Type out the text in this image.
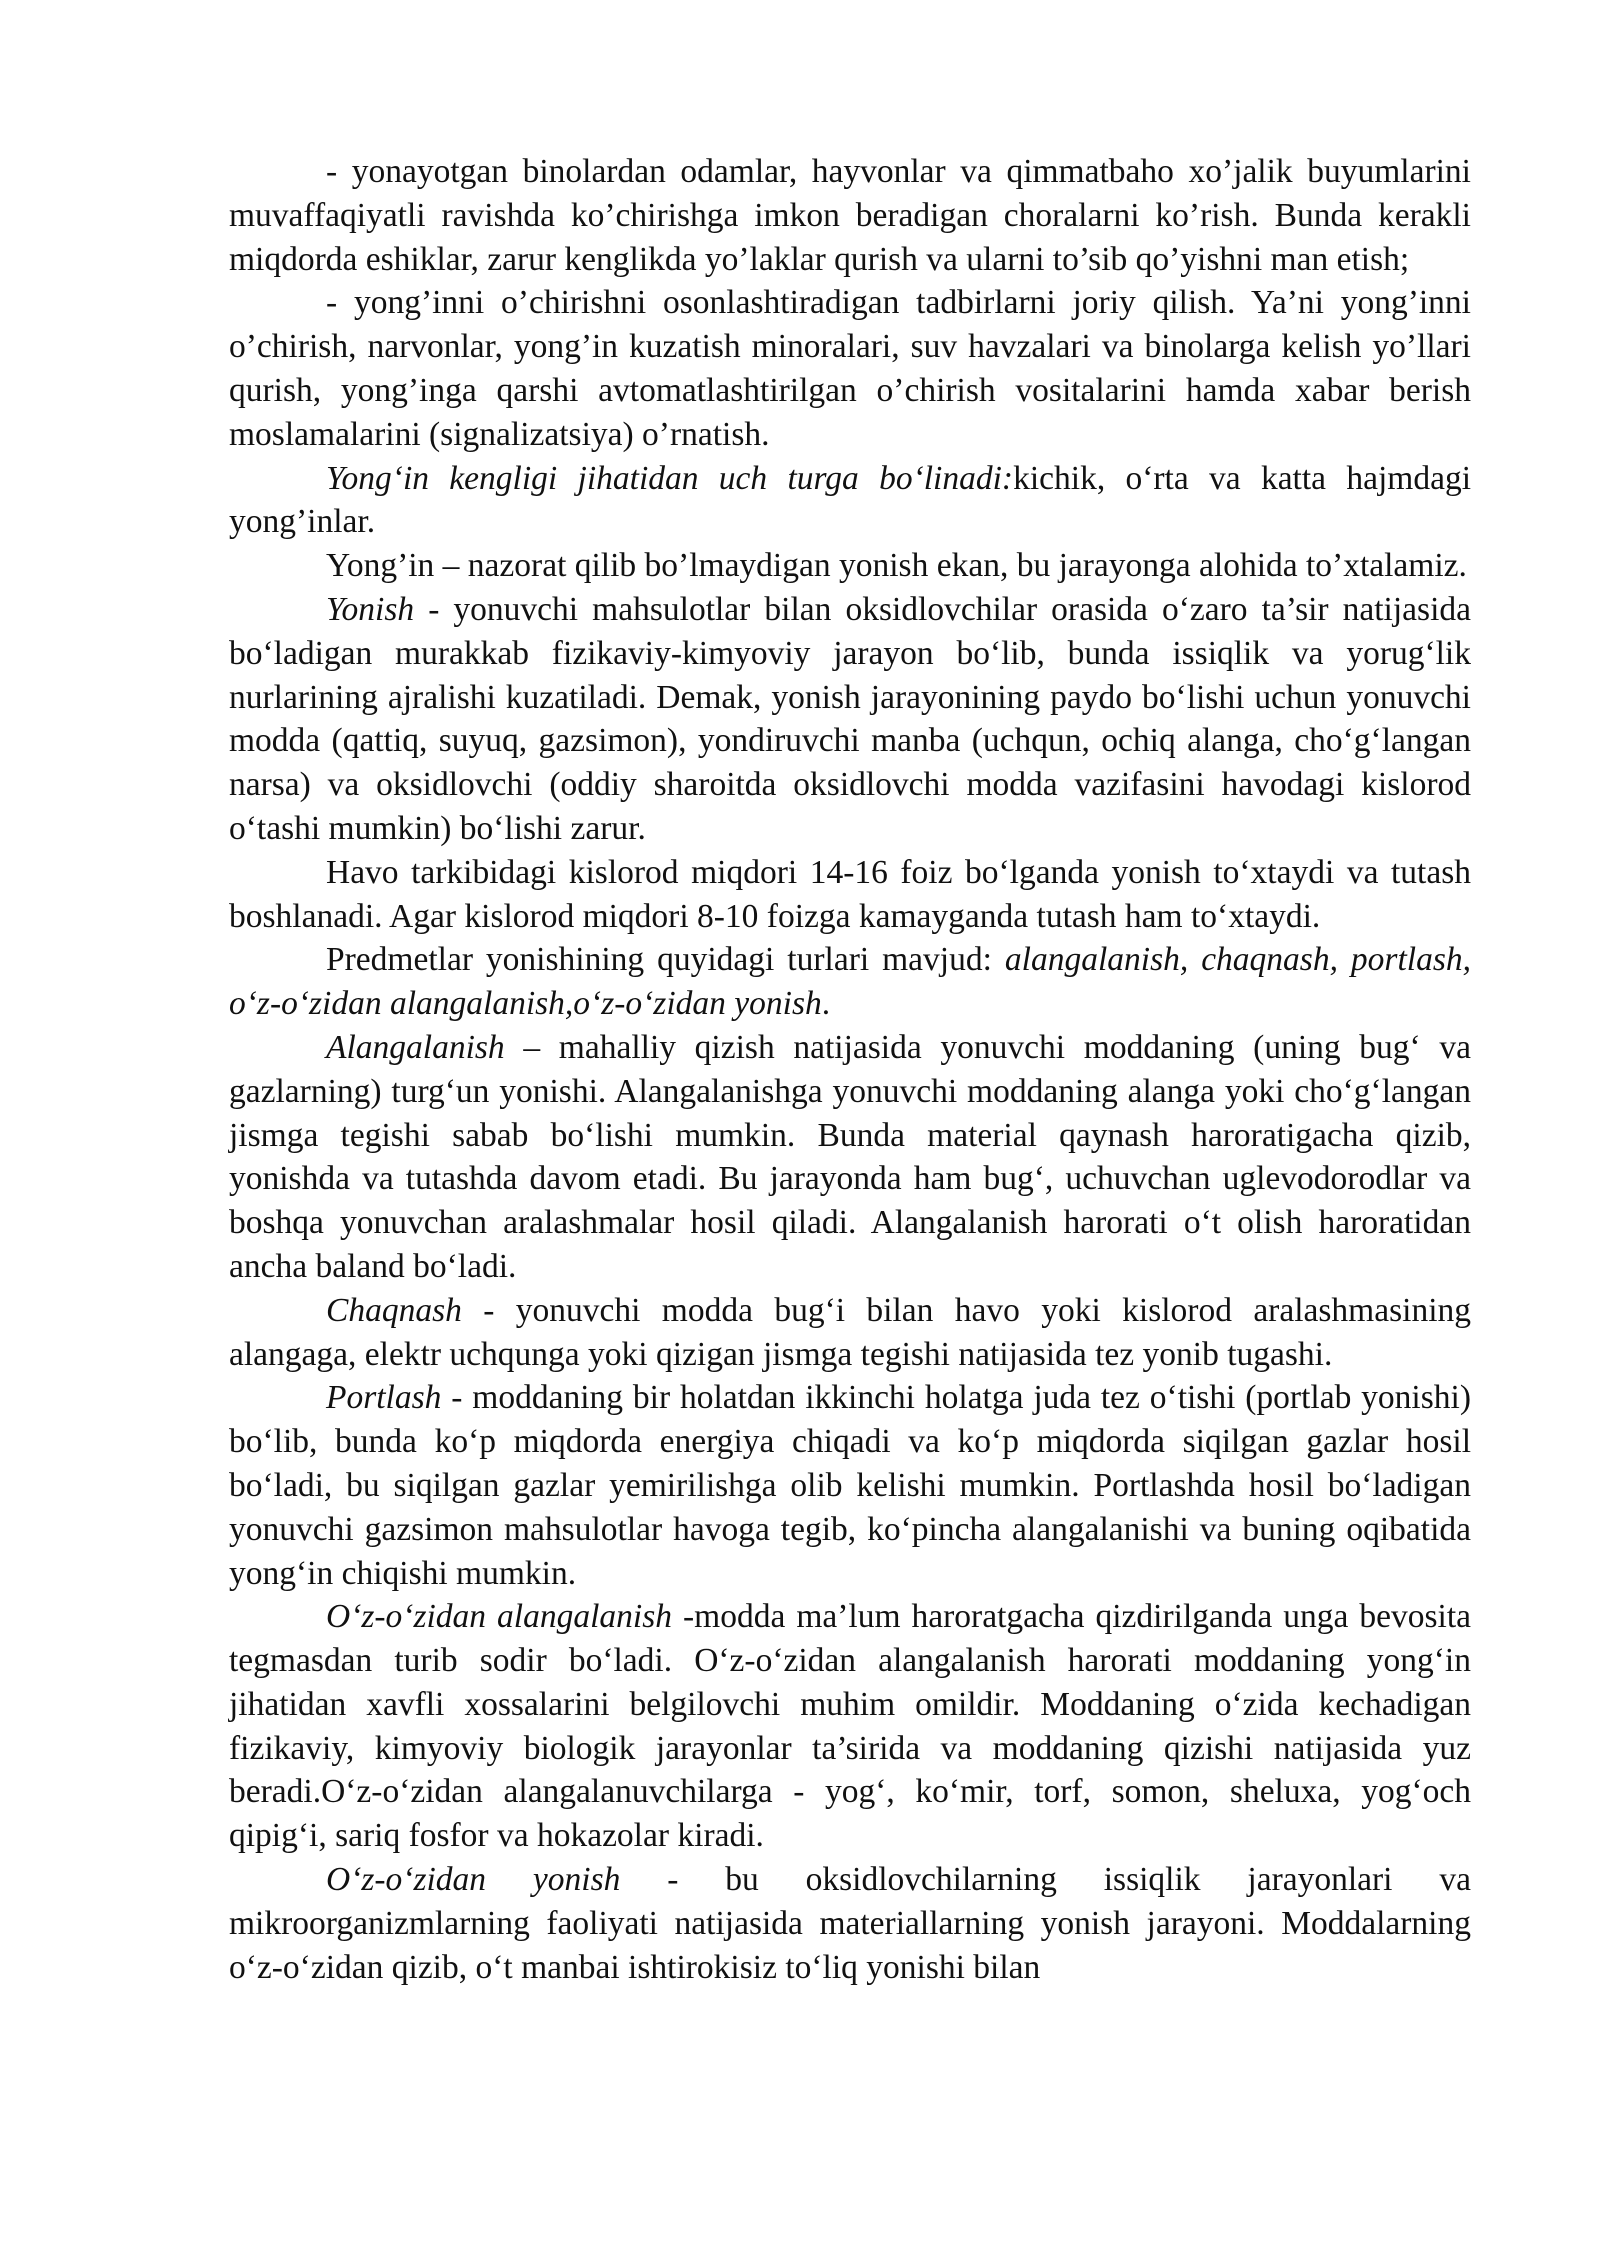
- yonayotgan binolardan odamlar, hayvonlar va qimmatbaho xo’jalik buyumlarini muvaffaqiyatli ravishda ko’chirishga imkon beradigan choralarni ko’rish. Bunda kerakli miqdorda eshiklar, zarur kenglikda yo’laklar qurish va ularni to’sib qo’yishni man etish;

- yong’inni o’chirishni osonlashtiradigan tadbirlarni joriy qilish. Ya’ni yong’inni o’chirish, narvonlar, yong’in kuzatish minoralari, suv havzalari va binolarga kelish yo’llari qurish, yong’inga qarshi avtomatlashtirilgan o’chirish vositalarini hamda xabar berish moslamalarini (signalizatsiya) o’rnatish.

Yong‘in kengligi jihatidan uch turga bo‘linadi:kichik, o‘rta va katta hajmdagi yong’inlar.

Yong’in – nazorat qilib bo’lmaydigan yonish ekan, bu jarayonga alohida to’xtalamiz.

Yonish - yonuvchi mahsulotlar bilan oksidlovchilar orasida o‘zaro ta’sir natijasida bo‘ladigan murakkab fizikaviy-kimyoviy jarayon bo‘lib, bunda issiqlik va yorug‘lik nurlarining ajralishi kuzatiladi. Demak, yonish jarayonining paydo bo‘lishi uchun yonuvchi modda (qattiq, suyuq, gazsimon), yondiruvchi manba (uchqun, ochiq alanga, cho‘g‘langan narsa) va oksidlovchi (oddiy sharoitda oksidlovchi modda vazifasini havodagi kislorod o‘tashi mumkin) bo‘lishi zarur.

Havo tarkibidagi kislorod miqdori 14-16 foiz bo‘lganda yonish to‘xtaydi va tutash boshlanadi. Agar kislorod miqdori 8-10 foizga kamayganda tutash ham to‘xtaydi.

Predmetlar yonishining quyidagi turlari mavjud: alangalanish, chaqnash, portlash, o‘z-o‘zidan alangalanish,o‘z-o‘zidan yonish.

Alangalanish – mahalliy qizish natijasida yonuvchi moddaning (uning bug‘ va gazlarning) turg‘un yonishi. Alangalanishga yonuvchi moddaning alanga yoki cho‘g‘langan jismga tegishi sabab bo‘lishi mumkin. Bunda material qaynash haroratigacha qizib, yonishda va tutashda davom etadi. Bu jarayonda ham bug‘, uchuvchan uglevodorodlar va boshqa yonuvchan aralashmalar hosil qiladi. Alangalanish harorati o‘t olish haroratidan ancha baland bo‘ladi.

Chaqnash - yonuvchi modda bug‘i bilan havo yoki kislorod aralashmasining alangaga, elektr uchqunga yoki qizigan jismga tegishi natijasida tez yonib tugashi.

Portlash - moddaning bir holatdan ikkinchi holatga juda tez o‘tishi (portlab yonishi) bo‘lib, bunda ko‘p miqdorda energiya chiqadi va ko‘p miqdorda siqilgan gazlar hosil bo‘ladi, bu siqilgan gazlar yemirilishga olib kelishi mumkin. Portlashda hosil bo‘ladigan yonuvchi gazsimon mahsulotlar havoga tegib, ko‘pincha alangalanishi va buning oqibatida yong‘in chiqishi mumkin.

O‘z-o‘zidan alangalanish -modda ma’lum haroratgacha qizdirilganda unga bevosita tegmasdan turib sodir bo‘ladi. O‘z-o‘zidan alangalanish harorati moddaning yong‘in jihatidan xavfli xossalarini belgilovchi muhim omildir. Moddaning o‘zida kechadigan fizikaviy, kimyoviy biologik jarayonlar ta’sirida va moddaning qizishi natijasida yuz beradi.O‘z-o‘zidan alangalanuvchilarga - yog‘, ko‘mir, torf, somon, sheluxa, yog‘och qipig‘i, sariq fosfor va hokazolar kiradi.

O‘z-o‘zidan yonish - bu oksidlovchilarning issiqlik jarayonlari va mikroorganizmlarning faoliyati natijasida materiallarning yonish jarayoni. Moddalarning o‘z-o‘zidan qizib, o‘t manbai ishtirokisiz to‘liq yonishi bilan
